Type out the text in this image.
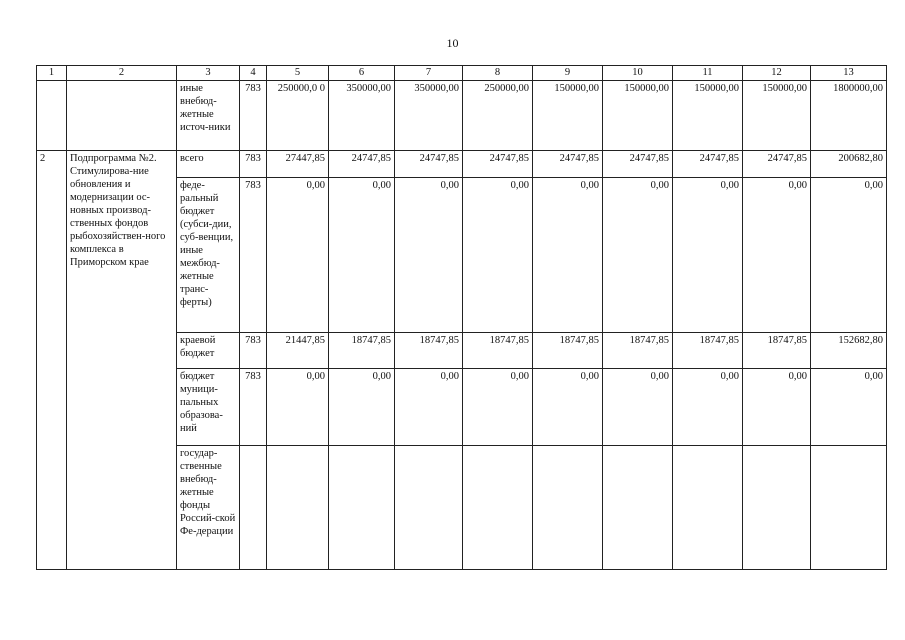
10
1	2	3	4	5	6	7	8	9	10	11	12	13
		иные внебюд-жетные источ-ники	783	250000,0 0	350000,00	350000,00	250000,00	150000,00	150000,00	150000,00	150000,00	1800000,00
2	Подпрограмма №2. Стимулирова-ние обновления и модернизации ос-новных производ-ственных фондов рыбохозяйствен-ного комплекса в Приморском крае	всего	783	27447,85	24747,85	24747,85	24747,85	24747,85	24747,85	24747,85	24747,85	200682,80
		феде-ральный бюджет (субси-дии, суб-венции, иные межбюд-жетные транс-ферты)	783	0,00	0,00	0,00	0,00	0,00	0,00	0,00	0,00	0,00
		краевой бюджет	783	21447,85	18747,85	18747,85	18747,85	18747,85	18747,85	18747,85	18747,85	152682,80
		бюджет муници-пальных образова-ний	783	0,00	0,00	0,00	0,00	0,00	0,00	0,00	0,00	0,00
		государ-ственные внебюд-жетные фонды Россий-ской Фе-дерации										
